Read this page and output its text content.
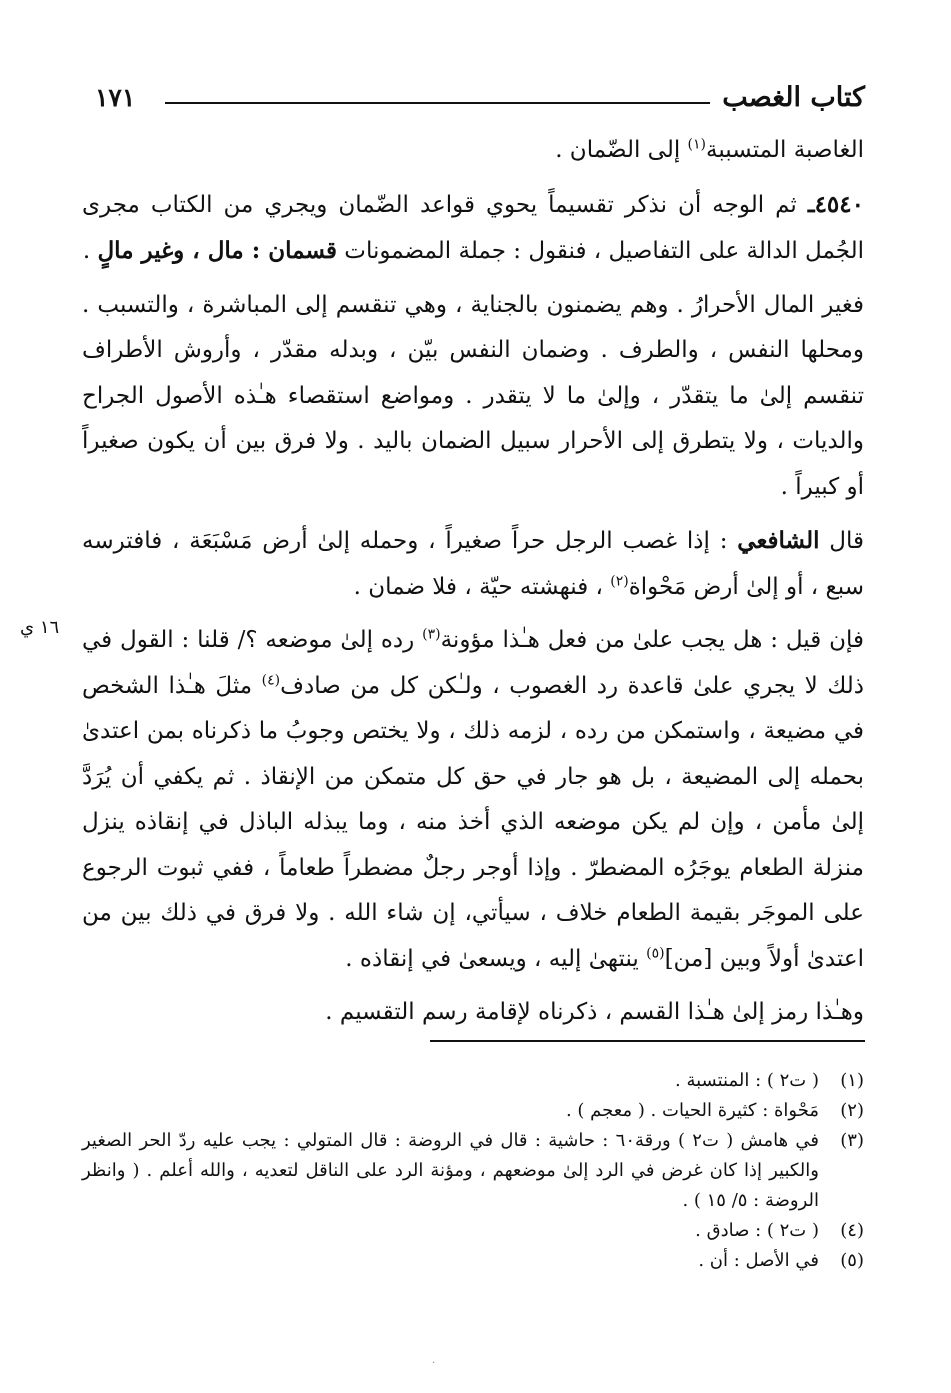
كتاب الغصب
١٧١
١٦ ي

الغاصبة المتسببة$^{(١)}$ إلى الضّمان .

٤٥٤٠ـ ثم الوجه أن نذكر تقسيماً يحوي قواعد الضّمان ويجري من الكتاب مجرى الجُمل الدالة على التفاصيل ، فنقول : جملة المضمونات قسمان : مال ، وغير مالٍ .

فغير المال الأحرارُ . وهم يضمنون بالجناية ، وهي تنقسم إلى المباشرة ، والتسبب . ومحلها النفس ، والطرف . وضمان النفس بيّن ، وبدله مقدّر ، وأروش الأطراف تنقسم إلىٰ ما يتقدّر ، وإلىٰ ما لا يتقدر . ومواضع استقصاء هـٰذه الأصول الجراح والديات ، ولا يتطرق إلى الأحرار سبيل الضمان باليد . ولا فرق بين أن يكون صغيراً أو كبيراً .

قال الشافعي : إذا غصب الرجل حراً صغيراً ، وحمله إلىٰ أرض مَسْبَعَة ، فافترسه سبع ، أو إلىٰ أرض مَحْواة$^{(٢)}$ ، فنهشته حيّة ، فلا ضمان .

فإن قيل : هل يجب علىٰ من فعل هـٰذا مؤونة$^{(٣)}$ رده إلىٰ موضعه ؟/ قلنا : القول في ذلك لا يجري علىٰ قاعدة رد الغصوب ، ولـٰكن كل من صادف$^{(٤)}$ مثلَ هـٰذا الشخص في مضيعة ، واستمكن من رده ، لزمه ذلك ، ولا يختص وجوبُ ما ذكرناه بمن اعتدىٰ بحمله إلى المضيعة ، بل هو جار في حق كل متمكن من الإنقاذ . ثم يكفي أن يُرَدَّ إلىٰ مأمن ، وإن لم يكن موضعه الذي أخذ منه ، وما يبذله الباذل في إنقاذه ينزل منزلة الطعام يوجَرُه المضطرّ . وإذا أوجر رجلٌ مضطراً طعاماً ، ففي ثبوت الرجوع على الموجَر بقيمة الطعام خلاف ، سيأتي، إن شاء الله . ولا فرق في ذلك بين من اعتدىٰ أولاً وبين [من]$^{(٥)}$ ينتهىٰ إليه ، ويسعىٰ في إنقاذه .

وهـٰذا رمز إلىٰ هـٰذا القسم ، ذكرناه لإقامة رسم التقسيم .

(١)
( ت٢ ) : المنتسبة .
(٢)
مَحْواة : كثيرة الحيات . ( معجم ) .
(٣)
في هامش ( ت٢ ) ورقة٦٠ : حاشية : قال في الروضة : قال المتولي : يجب عليه ردّ الحر الصغير والكبير إذا كان غرض في الرد إلىٰ موضعهم ، ومؤنة الرد على الناقل لتعديه ، والله أعلم . ( وانظر الروضة : ٥/ ١٥ ) .
(٤)
( ت٢ ) : صادق .
(٥)
في الأصل : أن .
·
